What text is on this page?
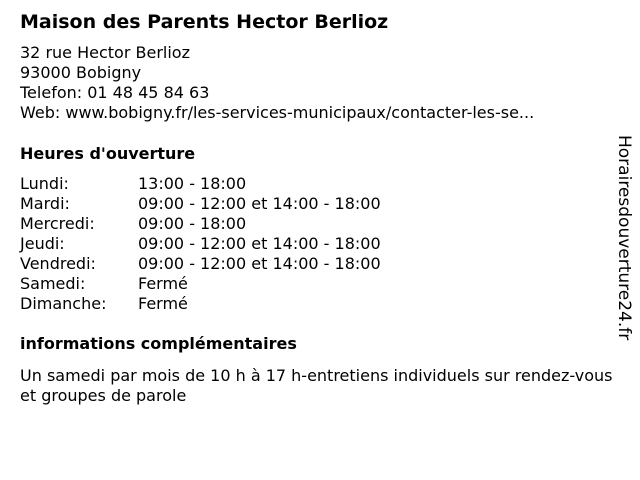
Maison des Parents Hector Berlioz
32 rue Hector Berlioz
93000 Bobigny
Telefon: 01 48 45 84 63
Web: www.bobigny.fr/les-services-municipaux/contacter-les-se...
Heures d'ouverture
Lundi:	13:00 - 18:00
Mardi:	09:00 - 12:00 et 14:00 - 18:00
Mercredi:	09:00 - 18:00
Jeudi:	09:00 - 12:00 et 14:00 - 18:00
Vendredi:	09:00 - 12:00 et 14:00 - 18:00
Samedi:	Fermé
Dimanche:	Fermé
informations complémentaires
Un samedi par mois de 10 h à 17 h-entretiens individuels sur rendez-vous et groupes de parole
Horairesdouverture24.fr
